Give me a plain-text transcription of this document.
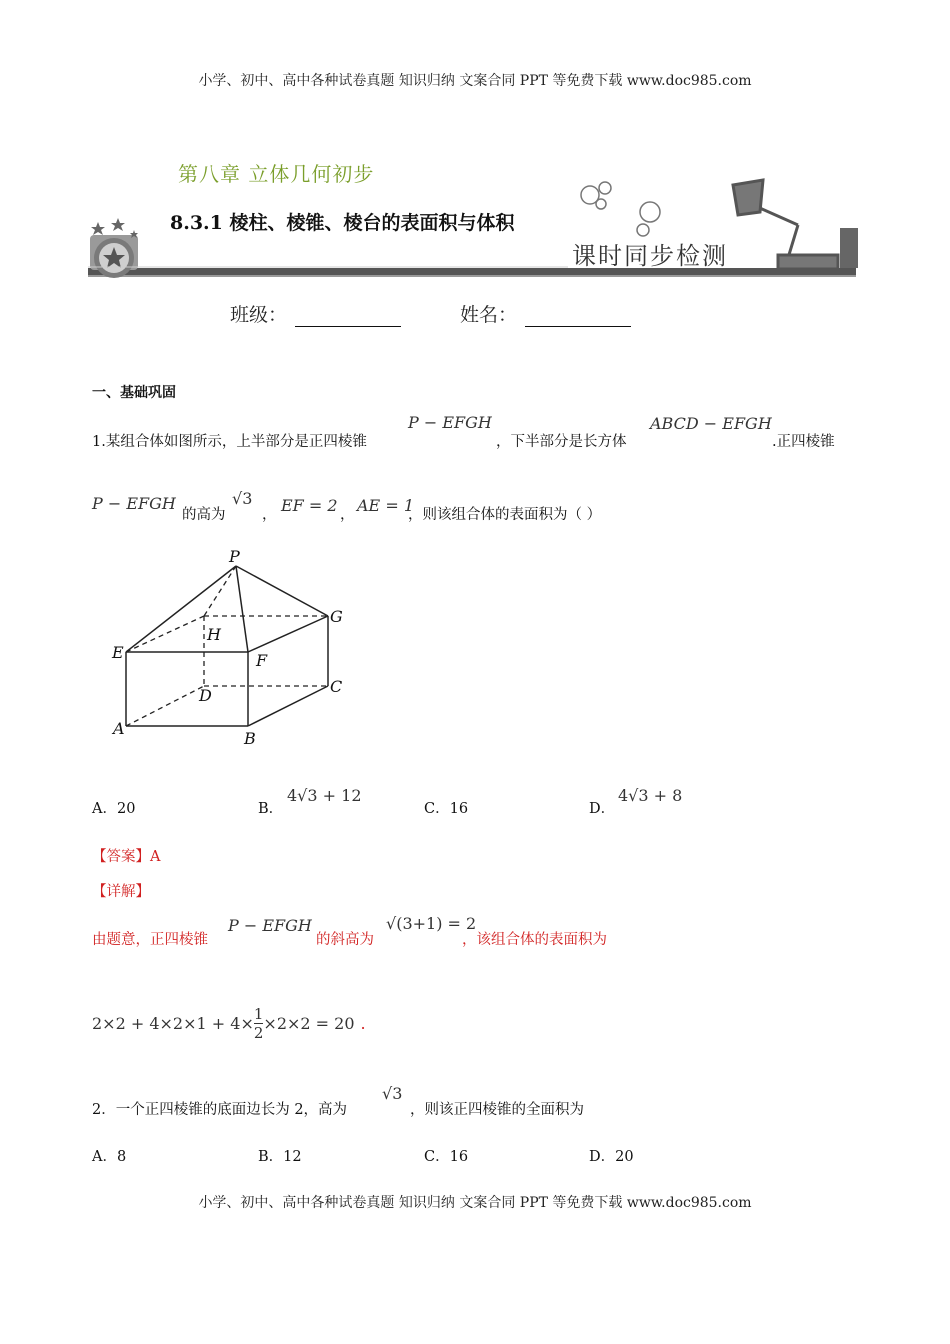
小学、初中、高中各种试卷真题 知识归纳 文案合同 PPT 等免费下载 www.doc985.com
第八章 立体几何初步
8.3.1 棱柱、棱锥、棱台的表面积与体积
课时同步检测
班级：	姓名：
一、基础巩固
1.某组合体如图所示，上半部分是正四棱锥
P − EFGH
，下半部分是长方体
ABCD − EFGH
.正四棱锥
P − EFGH
的高为
√3
， EF = 2 ， AE = 1
，则该组合体的表面积为（ ）
P
E	F
G
H
A
B
C
D
A．20	B．
4√3 + 12
C．16	D．
4√3 + 8
【答案】A
【详解】
由题意，正四棱锥
P − EFGH
的斜高为
√(3+1) = 2
，该组合体的表面积为
$2\times 2 + 4\times 2\times 1 + 4\times \frac{1}{2} \times 2\times 2 = 20$ .
2．一个正四棱锥的底面边长为 2，高为
√3
，则该正四棱锥的全面积为
A．8	B．12	C．16	D．20
小学、初中、高中各种试卷真题 知识归纳 文案合同 PPT 等免费下载 www.doc985.com
